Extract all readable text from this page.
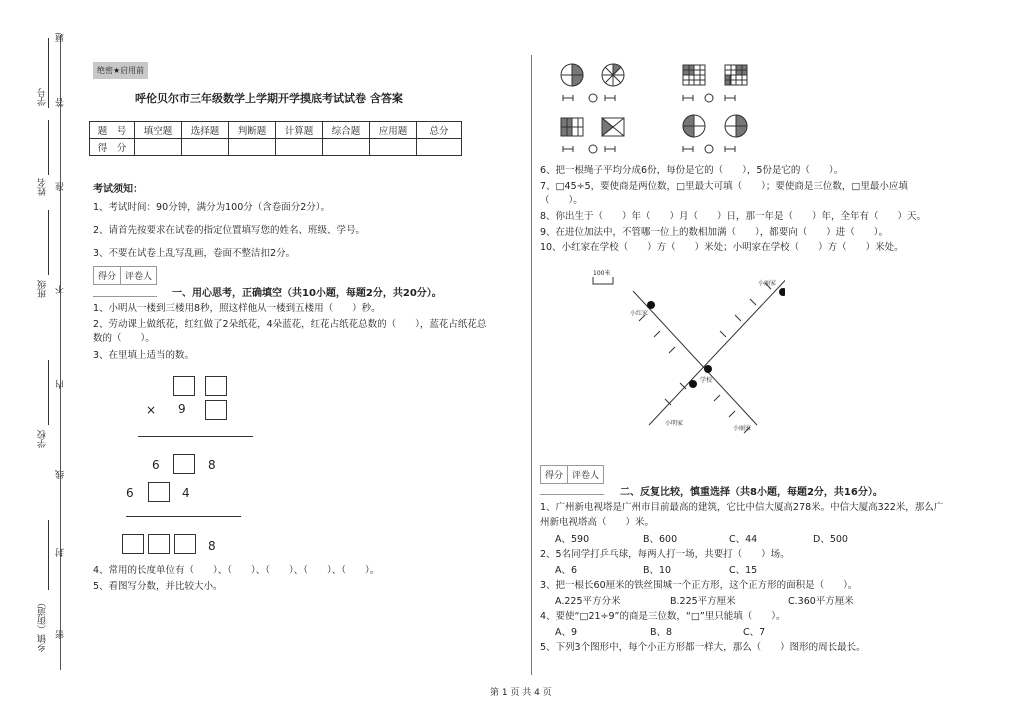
学号
姓名
班级
学校
乡镇（街道）
题
答
准
不
内
线
封
密
绝密★启用前
呼伦贝尔市三年级数学上学期开学摸底考试试卷 含答案
题　号	填空题	选择题	判断题	计算题	综合题	应用题	总分
得　分							
考试须知：
1、考试时间：90分钟，满分为100分（含卷面分2分）。
2、请首先按要求在试卷的指定位置填写您的姓名、班级、学号。
3、不要在试卷上乱写乱画，卷面不整洁扣2分。
得分	评卷人
一、用心思考，正确填空（共10小题，每题2分，共20分）。
1、小明从一楼到三楼用8秒，照这样他从一楼到五楼用（　　）秒。
2、劳动课上做纸花，红红做了2朵纸花，4朵蓝花，红花占纸花总数的（　　），蓝花占纸花总
数的（　　）。
3、在里填上适当的数。
× 9
6	8
6	4
8
4、常用的长度单位有（　　）、（　　）、（　　）、（　　）、（　　）。
5、看图写分数，并比较大小。
6、把一根绳子平均分成6份，每份是它的（　　），5份是它的（　　）。
7、□45÷5，要使商是两位数，□里最大可填（　　）；要使商是三位数，□里最小应填
（　　）。
8、你出生于（　　）年（　　）月（　　）日，那一年是（　　）年，全年有（　　）天。
9、在进位加法中，不管哪一位上的数相加满（　　），都要向（　　）进（　　）。
10、小红家在学校（　　）方（　　）米处；小明家在学校（　　）方（　　）米处。
100米
小丽家
小红家
学校
小明家
小丽家
得分	评卷人
二、反复比较，慎重选择（共8小题，每题2分，共16分）。
1、广州新电视塔是广州市目前最高的建筑，它比中信大厦高278米。中信大厦高322米，那么广
州新电视塔高（　　）米。
A、590	B、600	C、44	D、500
2、5名同学打乒乓球，每两人打一场，共要打（　　）场。
A、6	B、10	C、15
3、把一根长60厘米的铁丝围城一个正方形，这个正方形的面积是（　　）。
A.225平方分米	B.225平方厘米	C.360平方厘米
4、要使“□21÷9”的商是三位数，“□”里只能填（　　）。
A、9	B、8	C、7
5、下列3个图形中，每个小正方形都一样大，那么（　　）图形的周长最长。
第 1 页 共 4 页
